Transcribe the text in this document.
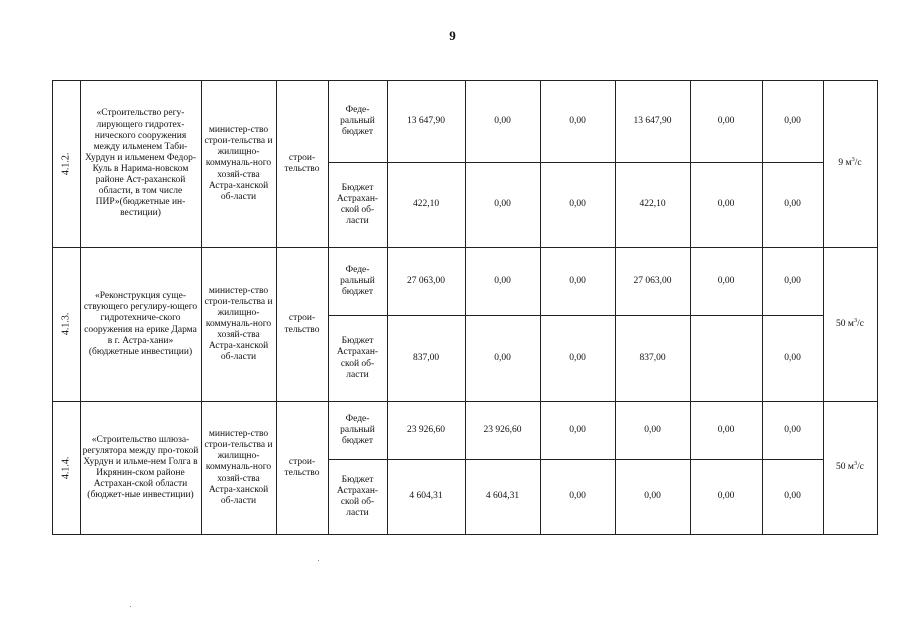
9
4.1.2.	«Строительство регу-лирующего гидротех-нического сооружения между ильменем Таби-Хурдун и ильменем Федор-Куль в Нарима-новском районе Аст-раханской области, в том числе ПИР»(бюджетные ин-вестиции)	министер-ство строи-тельства и жилищно-коммуналь-ного хозяй-ства Астра-ханской об-ласти	строи-тельство	Феде-ральный бюджет	13 647,90	0,00	0,00	13 647,90	0,00	0,00	9 $м^3/с$
				Бюджет Астрахан-ской об-ласти	422,10	0,00	0,00	422,10	0,00	0,00	
4.1.3.	«Реконструкция суще-ствующего регулиру-ющего гидротехниче-ского сооружения на ерике Дарма в г. Астра-хани» (бюджетные инвестиции)	министер-ство строи-тельства и жилищно-коммуналь-ного хозяй-ства Астра-ханской об-ласти	строи-тельство	Феде-ральный бюджет	27 063,00	0,00	0,00	27 063,00	0,00	0,00	50 $м^3/с$
				Бюджет Астрахан-ской об-ласти	837,00	0,00	0,00	837,00		0,00	
4.1.4.	«Строительство шлюза-регулятора между про-токой Хурдун и ильме-нем Голга в Икрянин-ском районе Астрахан-ской области (бюджет-ные инвестиции)	министер-ство строи-тельства и жилищно-коммуналь-ного хозяй-ства Астра-ханской об-ласти	строи-тельство	Феде-ральный бюджет	23 926,60	23 926,60	0,00	0,00	0,00	0,00	50 $м^3/с$
				Бюджет Астрахан-ской об-ласти	4 604,31	4 604,31	0,00	0,00	0,00	0,00	
